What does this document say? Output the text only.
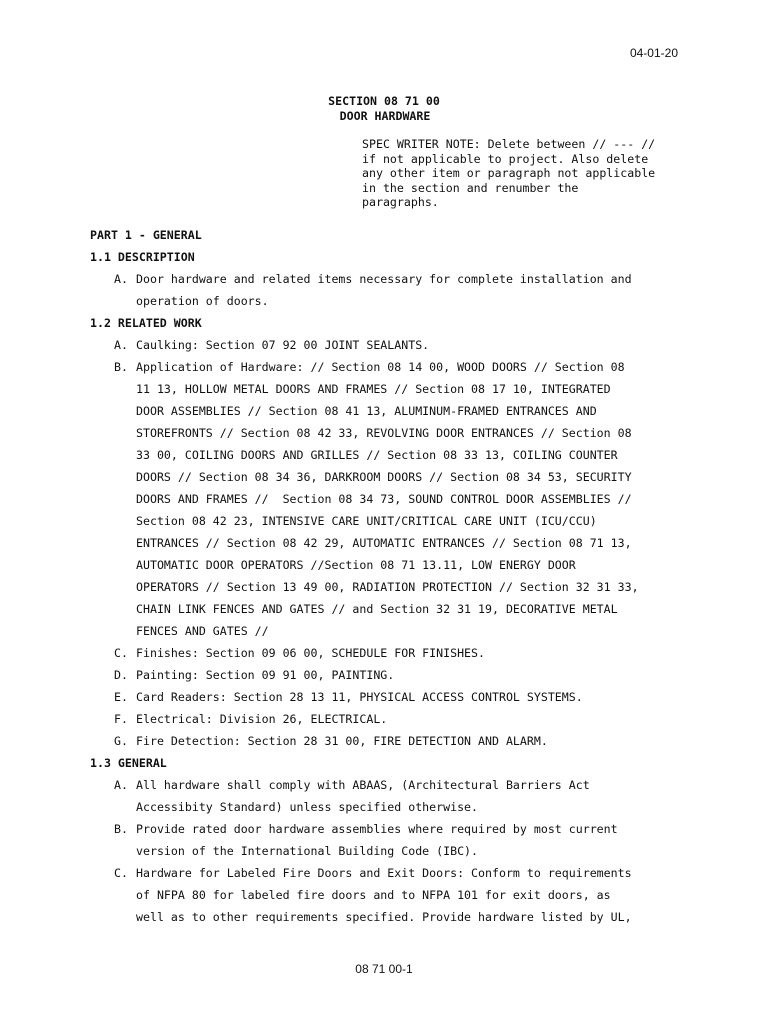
04-01-20
SECTION 08 71 00
DOOR HARDWARE
SPEC WRITER NOTE: Delete between // --- //
if not applicable to project. Also delete
any other item or paragraph not applicable
in the section and renumber the
paragraphs.
PART 1 - GENERAL
1.1 DESCRIPTION
A. Door hardware and related items necessary for complete installation and
operation of doors.
1.2 RELATED WORK
A. Caulking: Section 07 92 00 JOINT SEALANTS.
B. Application of Hardware: // Section 08 14 00, WOOD DOORS // Section 08
11 13, HOLLOW METAL DOORS AND FRAMES // Section 08 17 10, INTEGRATED
DOOR ASSEMBLIES // Section 08 41 13, ALUMINUM-FRAMED ENTRANCES AND
STOREFRONTS // Section 08 42 33, REVOLVING DOOR ENTRANCES // Section 08
33 00, COILING DOORS AND GRILLES // Section 08 33 13, COILING COUNTER
DOORS // Section 08 34 36, DARKROOM DOORS // Section 08 34 53, SECURITY
DOORS AND FRAMES //  Section 08 34 73, SOUND CONTROL DOOR ASSEMBLIES //
Section 08 42 23, INTENSIVE CARE UNIT/CRITICAL CARE UNIT (ICU/CCU)
ENTRANCES // Section 08 42 29, AUTOMATIC ENTRANCES // Section 08 71 13,
AUTOMATIC DOOR OPERATORS //Section 08 71 13.11, LOW ENERGY DOOR
OPERATORS // Section 13 49 00, RADIATION PROTECTION // Section 32 31 33,
CHAIN LINK FENCES AND GATES // and Section 32 31 19, DECORATIVE METAL
FENCES AND GATES //
C. Finishes: Section 09 06 00, SCHEDULE FOR FINISHES.
D. Painting: Section 09 91 00, PAINTING.
E. Card Readers: Section 28 13 11, PHYSICAL ACCESS CONTROL SYSTEMS.
F. Electrical: Division 26, ELECTRICAL.
G. Fire Detection: Section 28 31 00, FIRE DETECTION AND ALARM.
1.3 GENERAL
A. All hardware shall comply with ABAAS, (Architectural Barriers Act
Accessibity Standard) unless specified otherwise.
B. Provide rated door hardware assemblies where required by most current
version of the International Building Code (IBC).
C. Hardware for Labeled Fire Doors and Exit Doors: Conform to requirements
of NFPA 80 for labeled fire doors and to NFPA 101 for exit doors, as
well as to other requirements specified. Provide hardware listed by UL,
08 71 00-1
